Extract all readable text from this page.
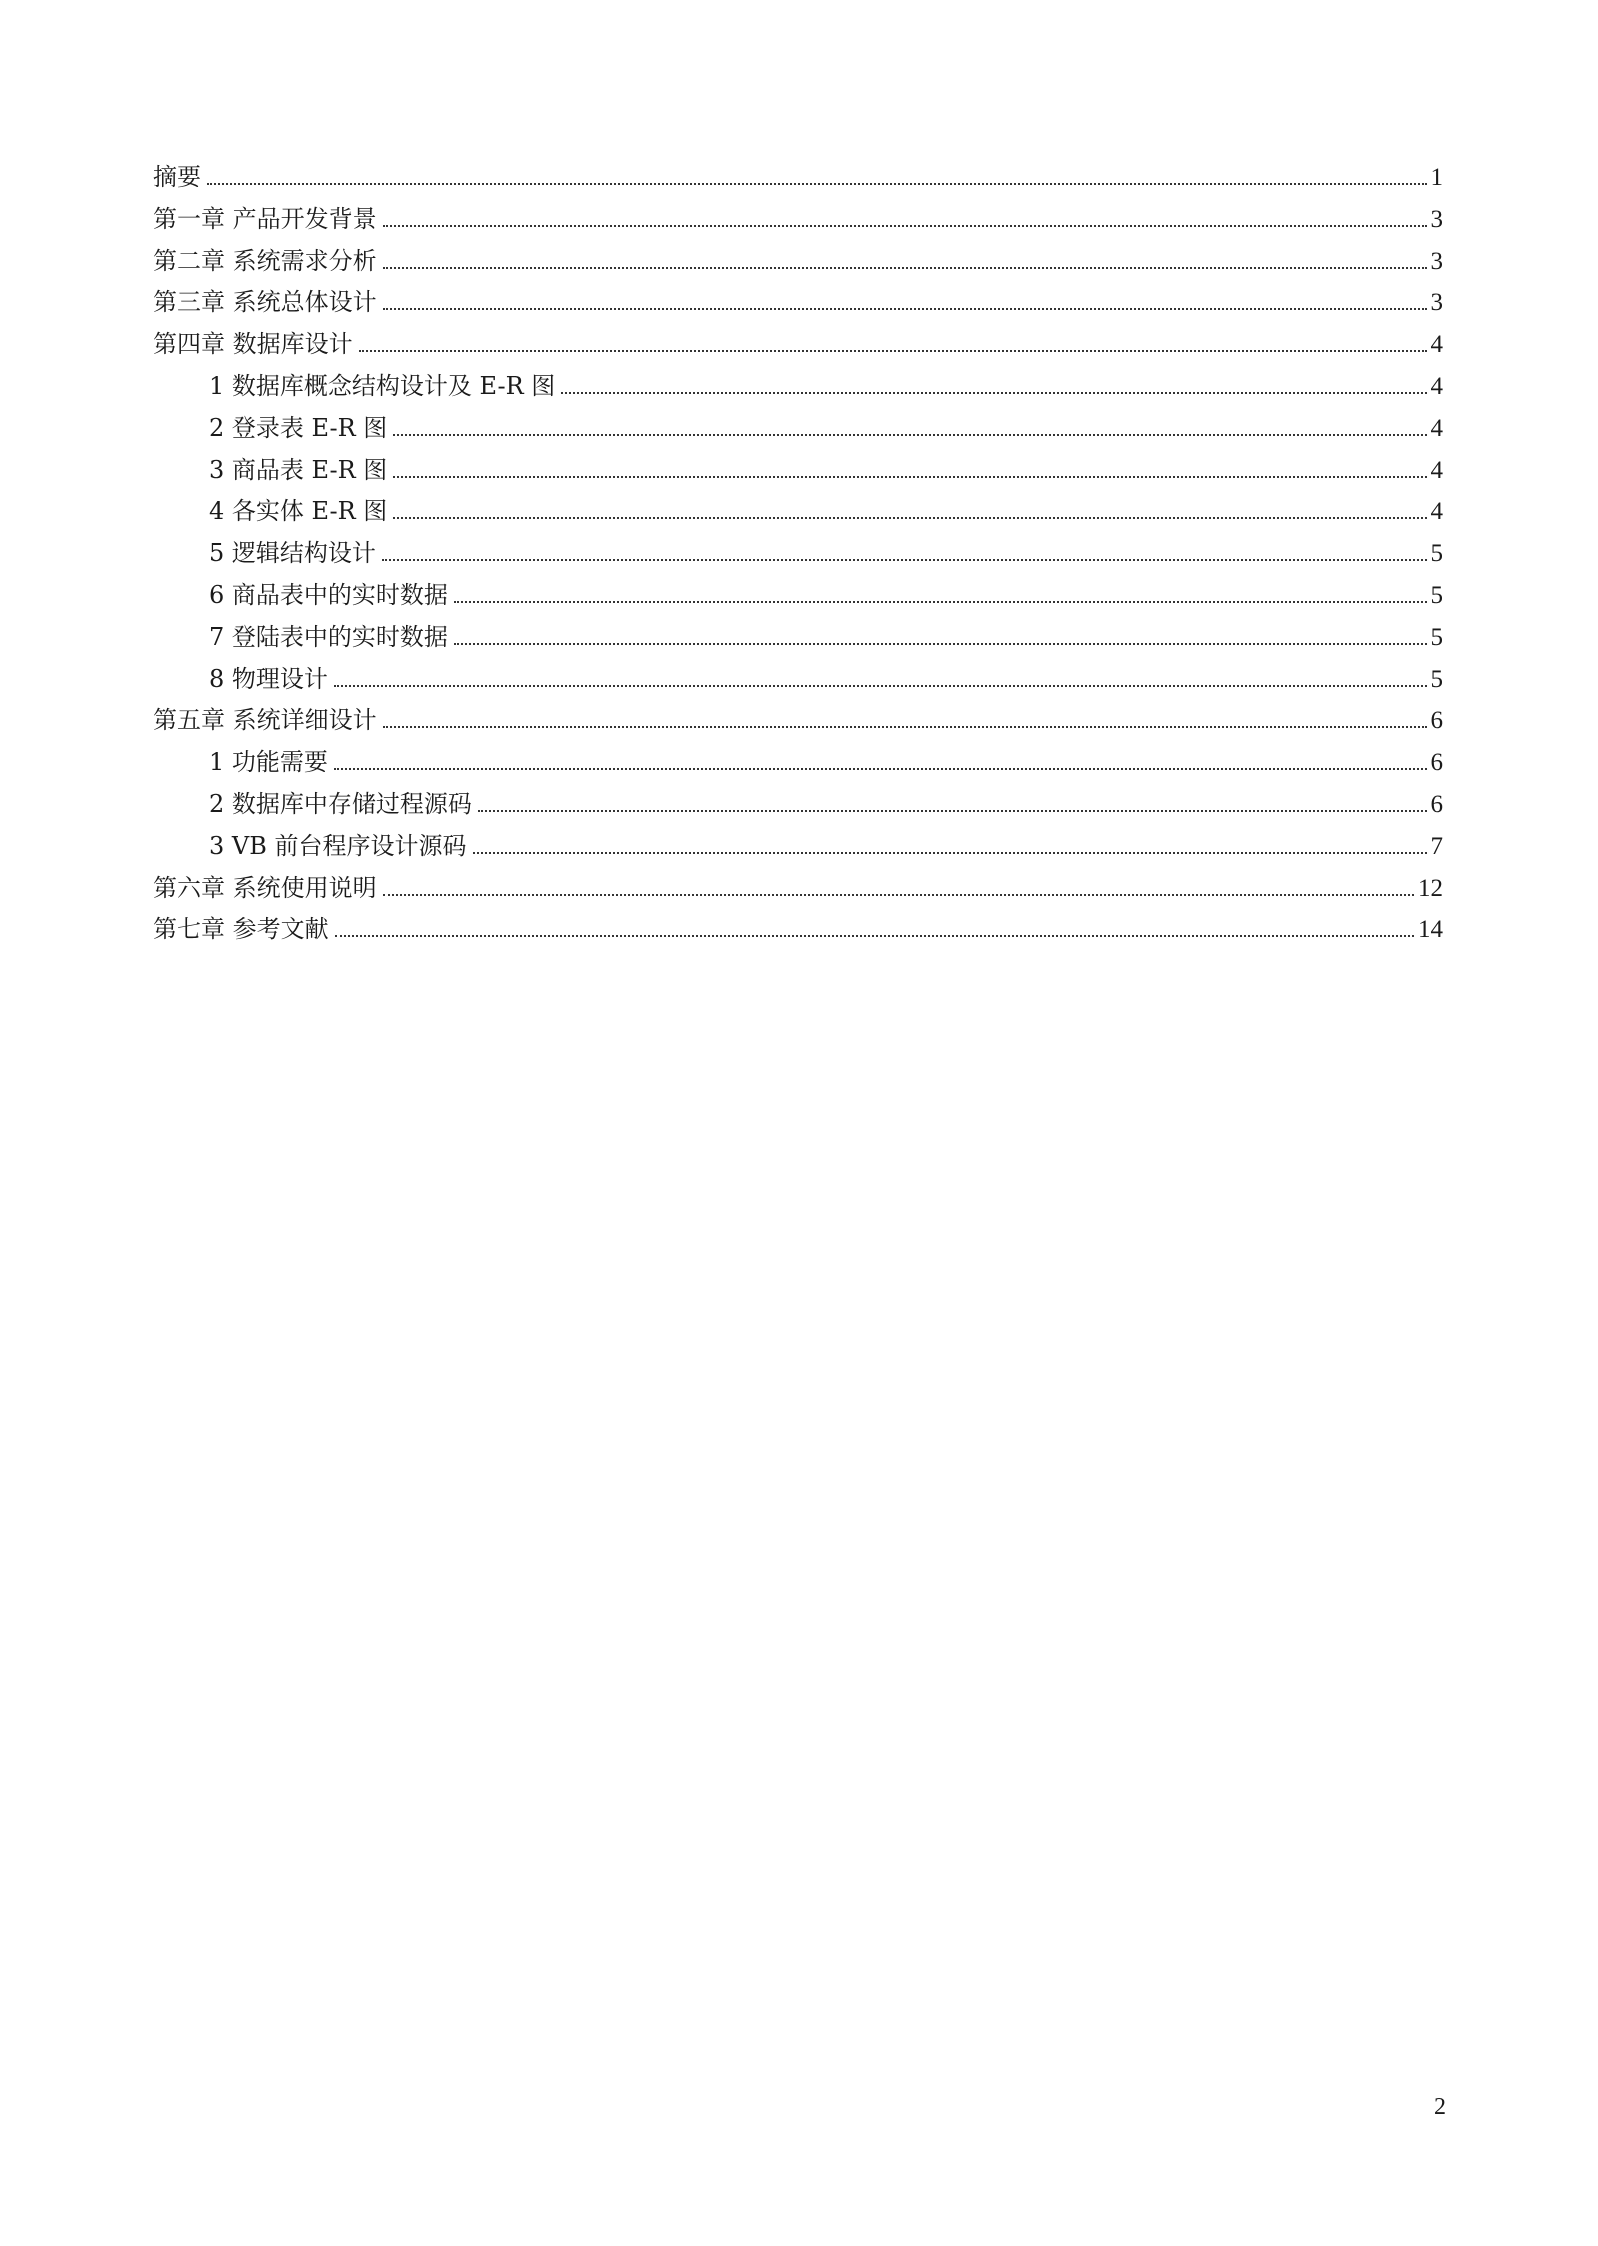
摘要	1
第一章 产品开发背景	3
第二章 系统需求分析	3
第三章 系统总体设计	3
第四章 数据库设计	4
1 数据库概念结构设计及 E-R 图	4
2 登录表 E-R 图	4
3 商品表 E-R 图	4
4 各实体 E-R 图	4
5 逻辑结构设计	5
6 商品表中的实时数据	5
7 登陆表中的实时数据	5
8 物理设计	5
第五章 系统详细设计	6
1 功能需要	6
2 数据库中存储过程源码	6
3 VB 前台程序设计源码	7
第六章 系统使用说明	12
第七章 参考文献	14
2
